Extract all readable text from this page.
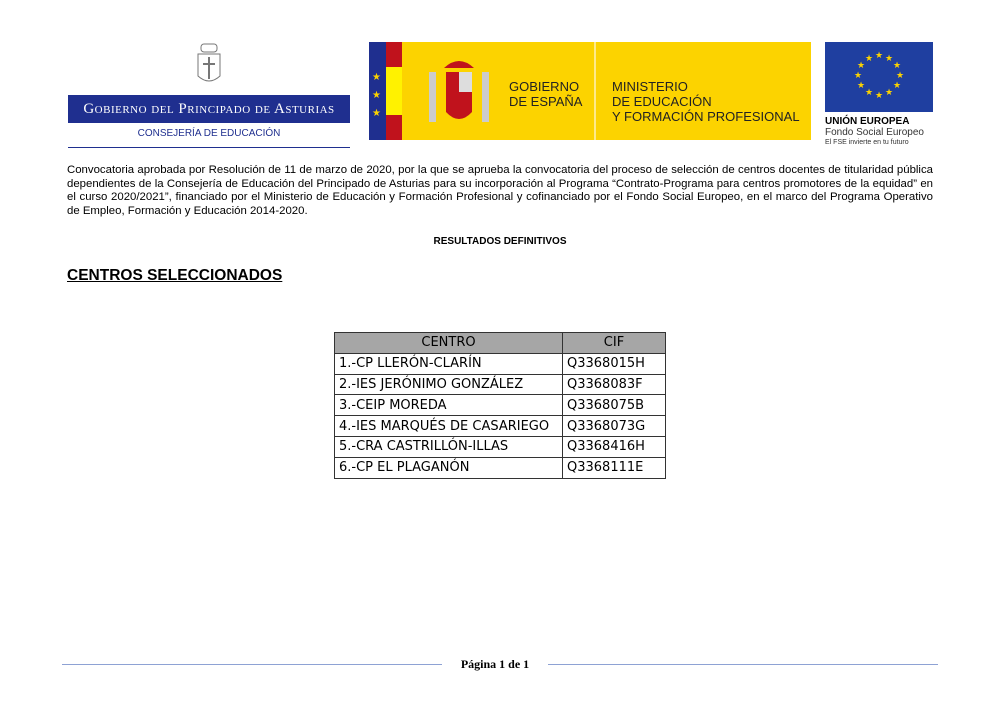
Gobierno del Principado de Asturias
CONSEJERÍA DE EDUCACIÓN
★
★
★
GOBIERNO
DE ESPAÑA
MINISTERIO
DE EDUCACIÓN
Y FORMACIÓN PROFESIONAL
★ ★
★
★
★
★
★
★
★
★
★
★
UNIÓN EUROPEA
Fondo Social Europeo
El FSE invierte en tu futuro
Convocatoria aprobada por Resolución de 11 de marzo de 2020, por la que se aprueba la convocatoria del proceso de selección de centros docentes de titularidad pública dependientes de la Consejería de Educación del Principado de Asturias para su incorporación al Programa “Contrato-Programa para centros promotores de la equidad” en el curso 2020/2021”, financiado por el Ministerio de Educación y Formación Profesional y cofinanciado por el Fondo Social Europeo, en el marco del Programa Operativo de Empleo, Formación y Educación 2014-2020.
RESULTADOS DEFINITIVOS
CENTROS SELECCIONADOS
CENTRO	CIF
1.-CP LLERÓN-CLARÍN	Q3368015H
2.-IES JERÓNIMO GONZÁLEZ	Q3368083F
3.-CEIP MOREDA	Q3368075B
4.-IES MARQUÉS DE CASARIEGO	Q3368073G
5.-CRA CASTRILLÓN-ILLAS	Q3368416H
6.-CP EL PLAGANÓN	Q3368111E
Página 1 de 1
